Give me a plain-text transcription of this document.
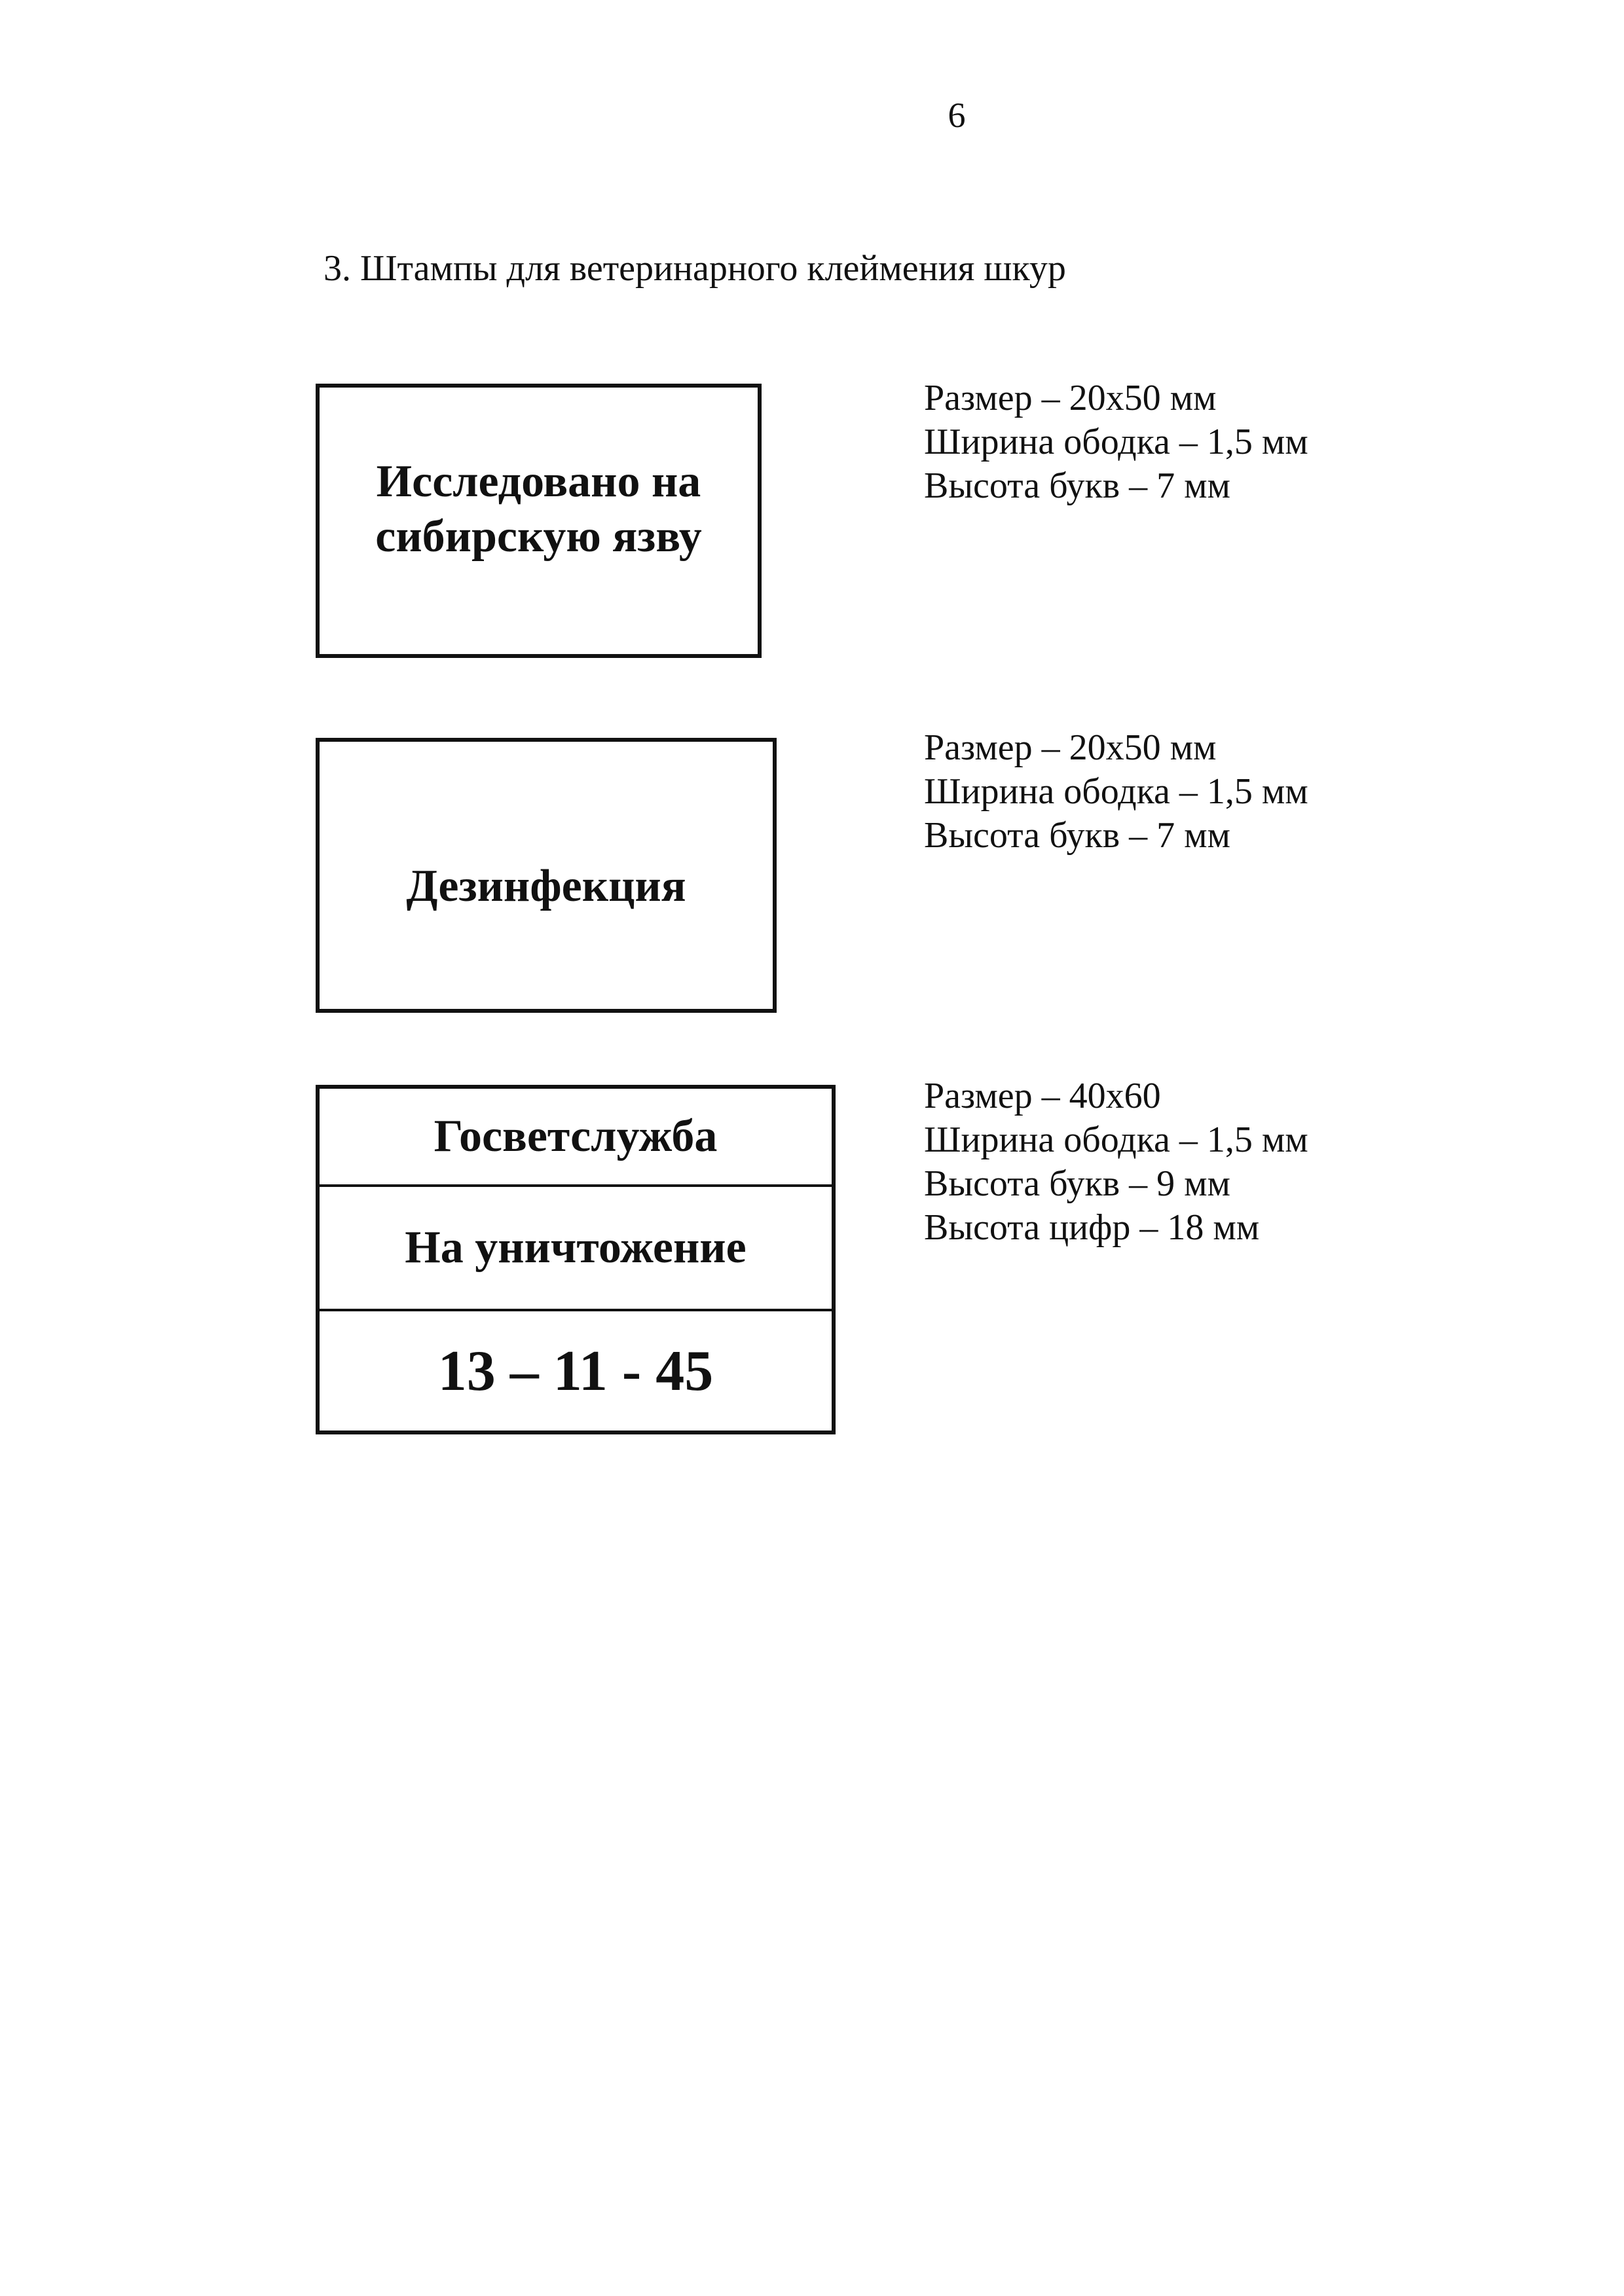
6
3. Штампы для ветеринарного клеймения шкур
Исследовано на
сибирскую язву
Размер – 20х50 мм
Ширина ободка – 1,5 мм
Высота букв – 7 мм
Дезинфекция
Размер – 20х50 мм
Ширина ободка – 1,5 мм
Высота букв – 7 мм
Госветслужба
На уничтожение
13 – 11 - 45
Размер – 40х60
Ширина ободка – 1,5 мм
Высота букв – 9 мм
Высота цифр – 18 мм
